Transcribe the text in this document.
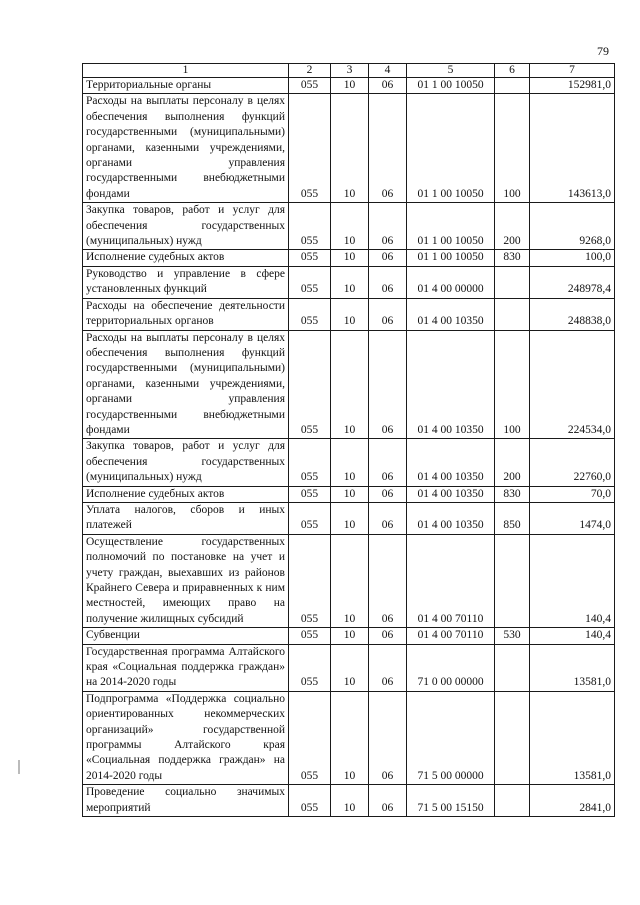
79
1	2	3	4	5	6	7
Территориальные органы	055	10	06	01 1 00 10050		152981,0
Расходы на выплаты персоналу в целях обеспечения выполнения функций государственными (муниципальными) органами, казенными учреждениями, органами управления государственными внебюджетными фондами	055	10	06	01 1 00 10050	100	143613,0
Закупка товаров, работ и услуг для обеспечения государственных (муниципальных) нужд	055	10	06	01 1 00 10050	200	9268,0
Исполнение судебных актов	055	10	06	01 1 00 10050	830	100,0
Руководство и управление в сфере установленных функций	055	10	06	01 4 00 00000		248978,4
Расходы на обеспечение деятельности территориальных органов	055	10	06	01 4 00 10350		248838,0
Расходы на выплаты персоналу в целях обеспечения выполнения функций государственными (муниципальными) органами, казенными учреждениями, органами управления государственными внебюджетными фондами	055	10	06	01 4 00 10350	100	224534,0
Закупка товаров, работ и услуг для обеспечения государственных (муниципальных) нужд	055	10	06	01 4 00 10350	200	22760,0
Исполнение судебных актов	055	10	06	01 4 00 10350	830	70,0
Уплата налогов, сборов и иных платежей	055	10	06	01 4 00 10350	850	1474,0
Осуществление государственных полномочий по постановке на учет и учету граждан, выехавших из районов Крайнего Севера и приравненных к ним местностей, имеющих право на получение жилищных субсидий	055	10	06	01 4 00 70110		140,4
Субвенции	055	10	06	01 4 00 70110	530	140,4
Государственная программа Алтайского края «Социальная поддержка граждан» на 2014-2020 годы	055	10	06	71 0 00 00000		13581,0
Подпрограмма «Поддержка социально ориентированных некоммерческих организаций» государственной программы Алтайского края «Социальная поддержка граждан» на 2014-2020 годы	055	10	06	71 5 00 00000		13581,0
Проведение социально значимых мероприятий	055	10	06	71 5 00 15150		2841,0
